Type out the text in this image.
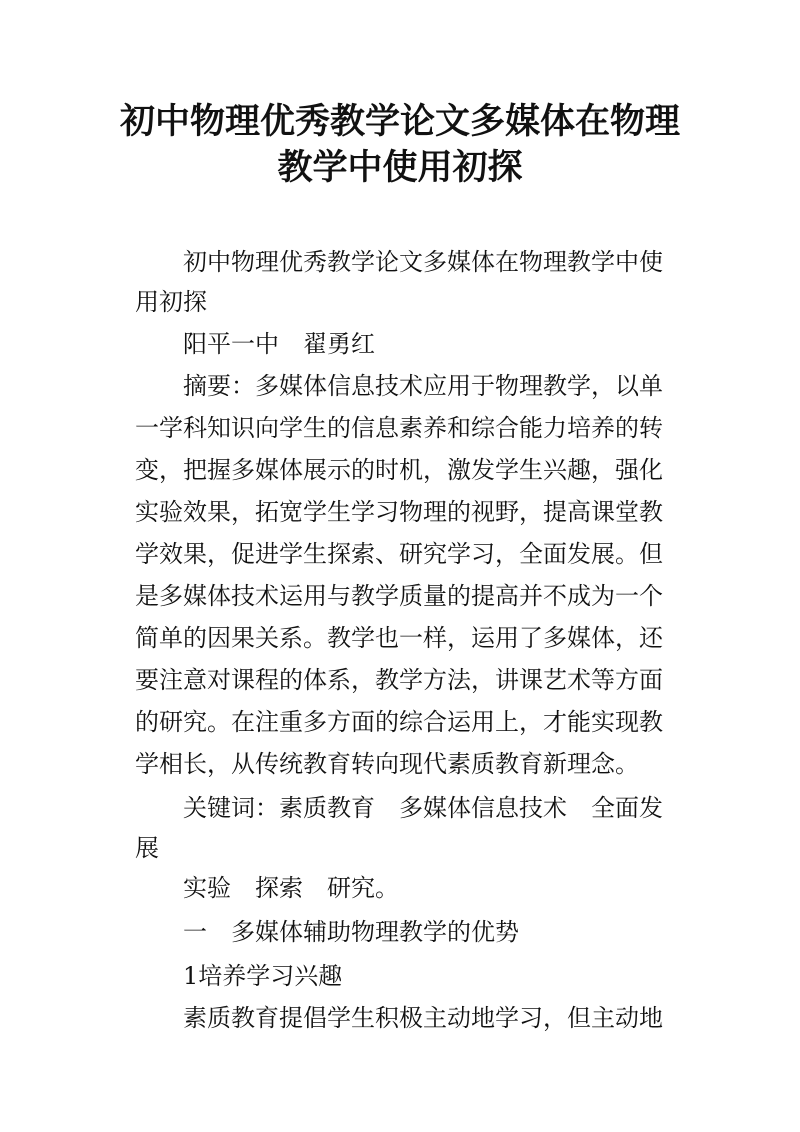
初中物理优秀教学论文多媒体在物理
教学中使用初探

　　初中物理优秀教学论文多媒体在物理教学中使

用初探

　　阳平一中　翟勇红

　　摘要：多媒体信息技术应用于物理教学，以单

一学科知识向学生的信息素养和综合能力培养的转

变，把握多媒体展示的时机，激发学生兴趣，强化

实验效果，拓宽学生学习物理的视野，提高课堂教

学效果，促进学生探索、研究学习，全面发展。但

是多媒体技术运用与教学质量的提高并不成为一个

简单的因果关系。教学也一样，运用了多媒体，还

要注意对课程的体系，教学方法，讲课艺术等方面

的研究。在注重多方面的综合运用上，才能实现教

学相长，从传统教育转向现代素质教育新理念。

　　关键词：素质教育　多媒体信息技术　全面发

展

　　实验　探索　研究。

　　一　多媒体辅助物理教学的优势

　　1培养学习兴趣

　　素质教育提倡学生积极主动地学习，但主动地
